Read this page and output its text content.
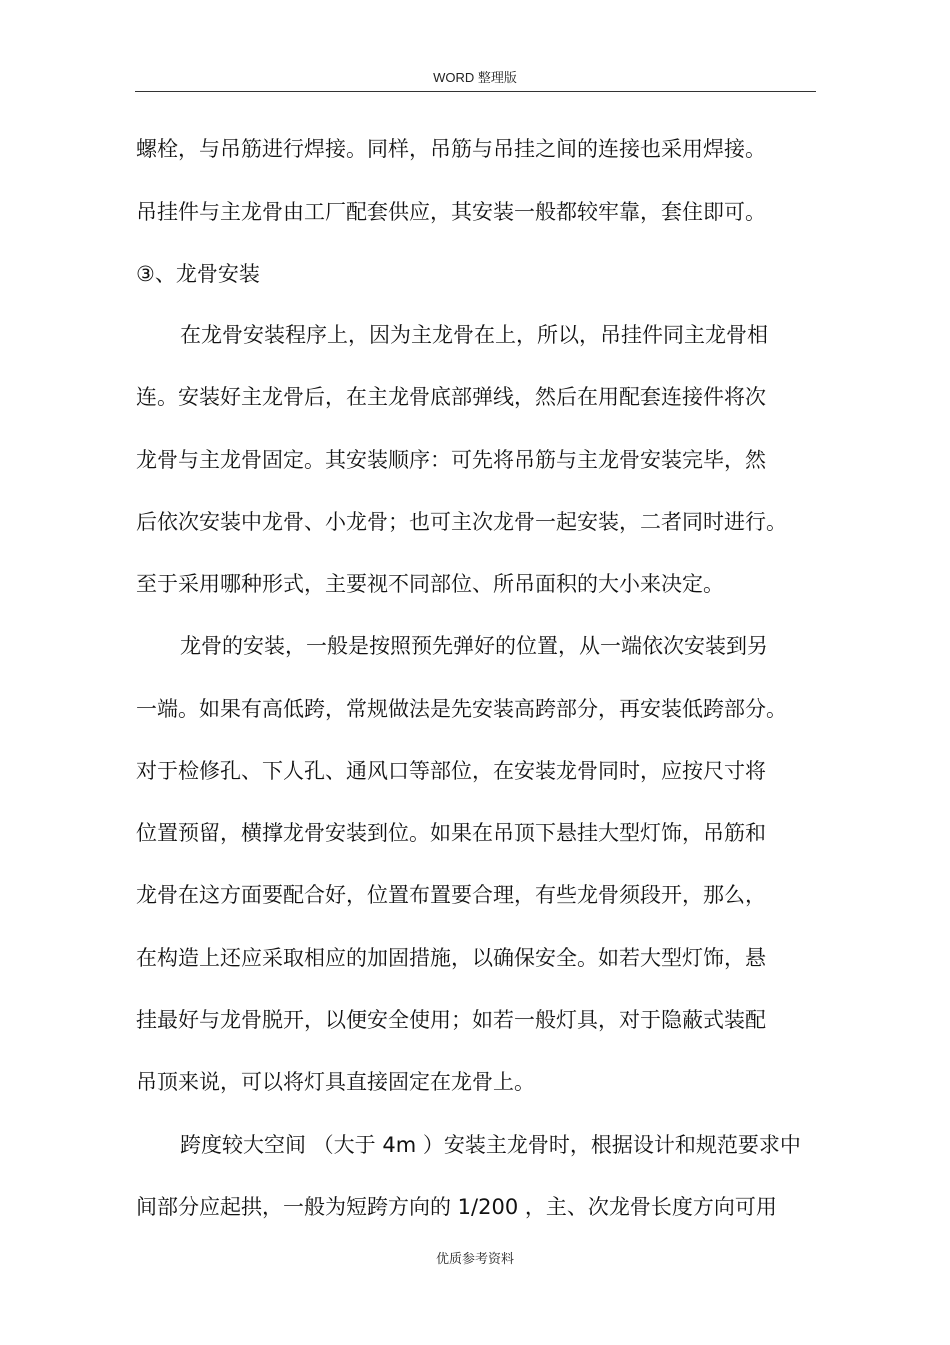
WORD 整理版
螺栓，与吊筋进行焊接。同样，吊筋与吊挂之间的连接也采用焊接。
吊挂件与主龙骨由工厂配套供应，其安装一般都较牢靠，套住即可。
③、龙骨安装
在龙骨安装程序上，因为主龙骨在上，所以，吊挂件同主龙骨相
连。安装好主龙骨后，在主龙骨底部弹线，然后在用配套连接件将次
龙骨与主龙骨固定。其安装顺序：可先将吊筋与主龙骨安装完毕，然
后依次安装中龙骨、小龙骨；也可主次龙骨一起安装，二者同时进行。
至于采用哪种形式，主要视不同部位、所吊面积的大小来决定。
龙骨的安装，一般是按照预先弹好的位置，从一端依次安装到另
一端。如果有高低跨，常规做法是先安装高跨部分，再安装低跨部分。
对于检修孔、下人孔、通风口等部位，在安装龙骨同时，应按尺寸将
位置预留，横撑龙骨安装到位。如果在吊顶下悬挂大型灯饰，吊筋和
龙骨在这方面要配合好，位置布置要合理，有些龙骨须段开，那么，
在构造上还应采取相应的加固措施，以确保安全。如若大型灯饰，悬
挂最好与龙骨脱开，以便安全使用；如若一般灯具，对于隐蔽式装配
吊顶来说，可以将灯具直接固定在龙骨上。
跨度较大空间 （大于 4m ）安装主龙骨时，根据设计和规范要求中
间部分应起拱，一般为短跨方向的 1/200 ，主、次龙骨长度方向可用
优质参考资料
